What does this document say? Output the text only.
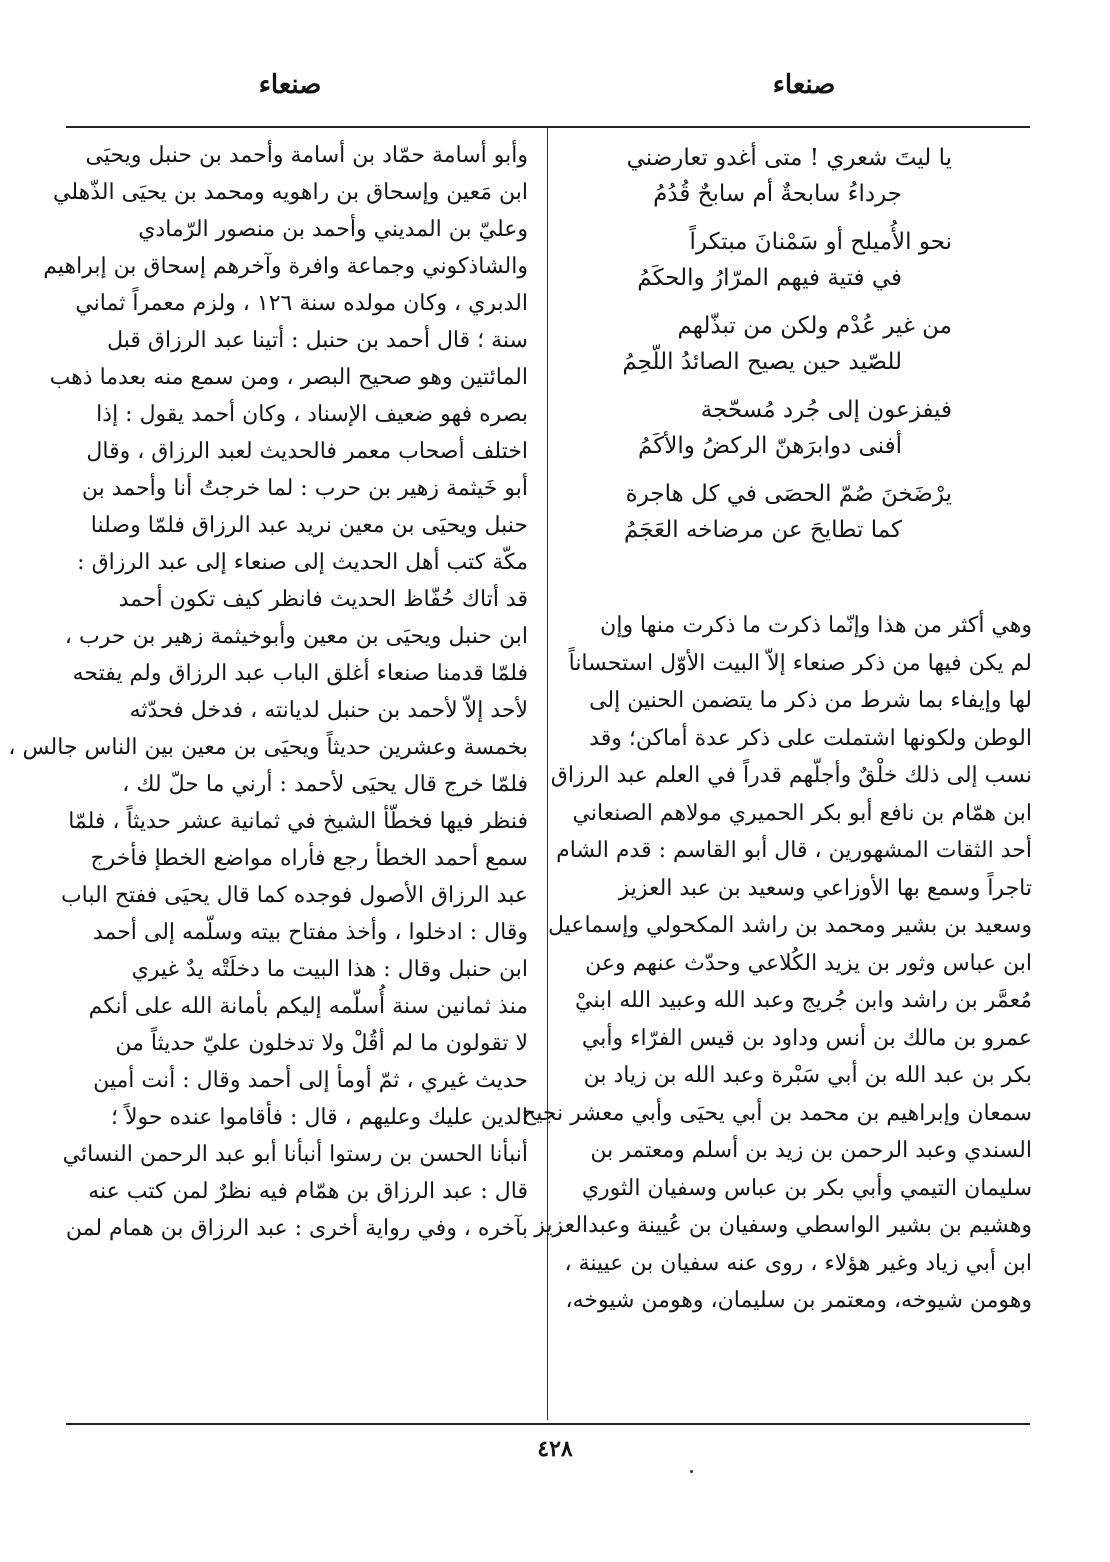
صنعاء
صنعاء
يا ليتَ شعري ! متى أغدو تعارضني
جرداءُ سابحةٌ أم سابحٌ قُدُمُ
نحو الأُميلح أو سَمْنانَ مبتكراً
في فتية فيهم المرّارُ والحكَمُ
من غير عُدْم ولكن من تبذّلهم
للصّيد حين يصيح الصائدُ اللّحِمُ
فيفزعون إلى جُرد مُسحّجة
أفنى دوابرَهنّ الركضُ والأكَمُ
يرْضَخنَ صُمّ الحصَى في كل هاجرة
كما تطايحَ عن مرضاخه العَجَمُ
وهي أكثر من هذا وإنّما ذكرت ما ذكرت منها وإن
لم يكن فيها من ذكر صنعاء إلاّ البيت الأوّل استحساناً
لها وإيفاء بما شرط من ذكر ما يتضمن الحنين إلى
الوطن ولكونها اشتملت على ذكر عدة أماكن؛ وقد
نسب إلى ذلك خلْقٌ وأجلّهم قدراً في العلم عبد الرزاق
ابن همّام بن نافع أبو بكر الحميري مولاهم الصنعاني
أحد الثقات المشهورين ، قال أبو القاسم : قدم الشام
تاجراً وسمع بها الأوزاعي وسعيد بن عبد العزيز
وسعيد بن بشير ومحمد بن راشد المكحولي وإسماعيل
ابن عباس وثور بن يزيد الكُلاعي وحدّث عنهم وعن
مُعمَّر بن راشد وابن جُريج وعبد الله وعبيد الله ابنيْ
عمرو بن مالك بن أنس وداود بن قيس الفرّاء وأبي
بكر بن عبد الله بن أبي سَبْرة وعبد الله بن زياد بن
سمعان وإبراهيم بن محمد بن أبي يحيَى وأبي معشر نجيح
السندي وعبد الرحمن بن زيد بن أسلم ومعتمر بن
سليمان التيمي وأبي بكر بن عباس وسفيان الثوري
وهشيم بن بشير الواسطي وسفيان بن عُيينة وعبدالعزيز
ابن أبي زياد وغير هؤلاء ، روى عنه سفيان بن عيينة ،
وهومن شيوخه، ومعتمر بن سليمان، وهومن شيوخه،
وأبو أسامة حمّاد بن أسامة وأحمد بن حنبل ويحيَى
ابن مَعين وإسحاق بن راهويه ومحمد بن يحيَى الذّهلي
وعليّ بن المديني وأحمد بن منصور الرّمادي
والشاذكوني وجماعة وافرة وآخرهم إسحاق بن إبراهيم
الدبري ، وكان مولده سنة ١٢٦ ، ولزم معمراً ثماني
سنة ؛ قال أحمد بن حنبل : أتينا عبد الرزاق قبل
المائتين وهو صحيح البصر ، ومن سمع منه بعدما ذهب
بصره فهو ضعيف الإسناد ، وكان أحمد يقول : إذا
اختلف أصحاب معمر فالحديث لعبد الرزاق ، وقال
أبو خَيثمة زهير بن حرب : لما خرجتُ أنا وأحمد بن
حنبل ويحيَى بن معين نريد عبد الرزاق فلمّا وصلنا
مكّة كتب أهل الحديث إلى صنعاء إلى عبد الرزاق :
قد أتاك حُفّاظ الحديث فانظر كيف تكون أحمد
ابن حنبل ويحيَى بن معين وأبوخيثمة زهير بن حرب ،
فلمّا قدمنا صنعاء أغلق الباب عبد الرزاق ولم يفتحه
لأحد إلاّ لأحمد بن حنبل لديانته ، فدخل فحدّثه
بخمسة وعشرين حديثاً ويحيَى بن معين بين الناس جالس ،
فلمّا خرج قال يحيَى لأحمد : أرني ما حلّ لك ،
فنظر فيها فخطّأ الشيخ في ثمانية عشر حديثاً ، فلمّا
سمع أحمد الخطأ رجع فأراه مواضع الخطإ فأخرج
عبد الرزاق الأصول فوجده كما قال يحيَى ففتح الباب
وقال : ادخلوا ، وأخذ مفتاح بيته وسلّمه إلى أحمد
ابن حنبل وقال : هذا البيت ما دخلَتْه يدٌ غيري
منذ ثمانين سنة أُسلّمه إليكم بأمانة الله على أنكم
لا تقولون ما لم أقُلْ ولا تدخلون عليّ حديثاً من
حديث غيري ، ثمّ أومأ إلى أحمد وقال : أنت أمين
الدين عليك وعليهم ، قال : فأقاموا عنده حولاً ؛
أنبأنا الحسن بن رستوا أنبأنا أبو عبد الرحمن النسائي
قال : عبد الرزاق بن همّام فيه نظرٌ لمن كتب عنه
بآخره ، وفي رواية أخرى : عبد الرزاق بن همام لمن
٤٢٨
